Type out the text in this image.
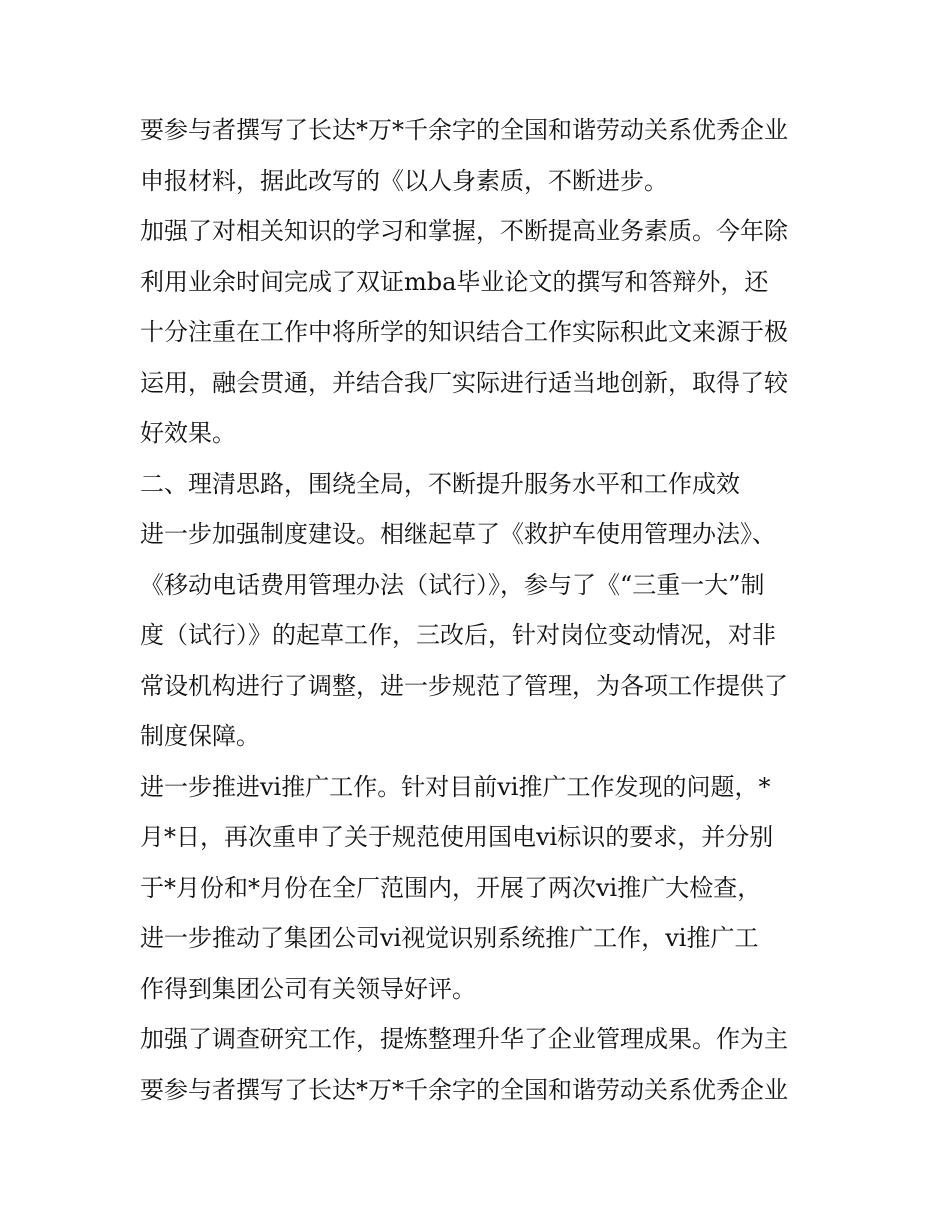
要参与者撰写了长达*万*千余字的全国和谐劳动关系优秀企业
申报材料，据此改写的《以人身素质，不断进步。
加强了对相关知识的学习和掌握，不断提高业务素质。今年除
利用业余时间完成了双证mba毕业论文的撰写和答辩外，还
十分注重在工作中将所学的知识结合工作实际积此文来源于极
运用，融会贯通，并结合我厂实际进行适当地创新，取得了较
好效果。
二、理清思路，围绕全局，不断提升服务水平和工作成效
进一步加强制度建设。相继起草了《救护车使用管理办法》、
《移动电话费用管理办法（试行）》，参与了《“三重一大”制
度（试行）》的起草工作，三改后，针对岗位变动情况，对非
常设机构进行了调整，进一步规范了管理，为各项工作提供了
制度保障。
进一步推进vi推广工作。针对目前vi推广工作发现的问题，*
月*日，再次重申了关于规范使用国电vi标识的要求，并分别
于*月份和*月份在全厂范围内，开展了两次vi推广大检查，
进一步推动了集团公司vi视觉识别系统推广工作，vi推广工
作得到集团公司有关领导好评。
加强了调查研究工作，提炼整理升华了企业管理成果。作为主
要参与者撰写了长达*万*千余字的全国和谐劳动关系优秀企业
